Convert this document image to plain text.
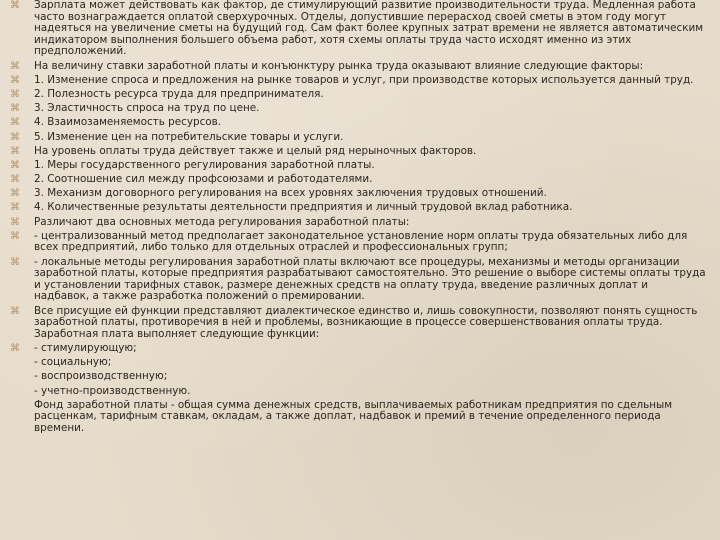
⌘	Зарплата может действовать как фактор, де стимулирующий развитие производительности труда. Медленная работа часто вознаграждается оплатой сверхурочных. Отделы, допустившие перерасход своей сметы в этом году могут надеяться на увеличение сметы на будущий год. Сам факт более крупных затрат времени не является автоматическим индикатором выполнения большего объема работ, хотя схемы оплаты труда часто исходят именно из этих предположений.
⌘	На величину ставки заработной платы и конъюнктуру рынка труда оказывают влияние следующие факторы:
⌘	1. Изменение спроса и предложения на рынке товаров и услуг, при производстве которых используется данный труд.
⌘	2. Полезность ресурса труда для предпринимателя.
⌘	3. Эластичность спроса на труд по цене.
⌘	4. Взаимозаменяемость ресурсов.
⌘	5. Изменение цен на потребительские товары и услуги.
⌘	На уровень оплаты труда действует также и целый ряд нерыночных факторов.
⌘	1. Меры государственного регулирования заработной платы.
⌘	2. Соотношение сил между профсоюзами и работодателями.
⌘	3. Механизм договорного регулирования на всех уровнях заключения трудовых отношений.
⌘	4. Количественные результаты деятельности предприятия и личный трудовой вклад работника.
⌘	Различают два основных метода регулирования заработной платы:
⌘	- централизованный метод предполагает законодательное установление норм оплаты труда обязательных либо для всех предприятий, либо только для отдельных отраслей и профессиональных групп;
⌘	- локальные методы регулирования заработной платы включают все процедуры, механизмы и методы организации заработной платы, которые предприятия разрабатывают самостоятельно. Это решение о выборе системы оплаты труда и установлении тарифных ставок, размере денежных средств на оплату труда, введение различных доплат и надбавок, а также разработка положений о премировании.
⌘	Все присущие ей функции представляют диалектическое единство и, лишь совокупности, позволяют понять сущность заработной платы, противоречия в ней и проблемы, возникающие в процессе совершенствования оплаты труда. Заработная плата выполняет следующие функции:
⌘	- стимулирующую;
- социальную;
- воспроизводственную;
- учетно-производственную.
Фонд заработной платы - общая сумма денежных средств, выплачиваемых работникам предприятия по сдельным расценкам, тарифным ставкам, окладам, а также доплат, надбавок и премий в течение определенного периода времени.
